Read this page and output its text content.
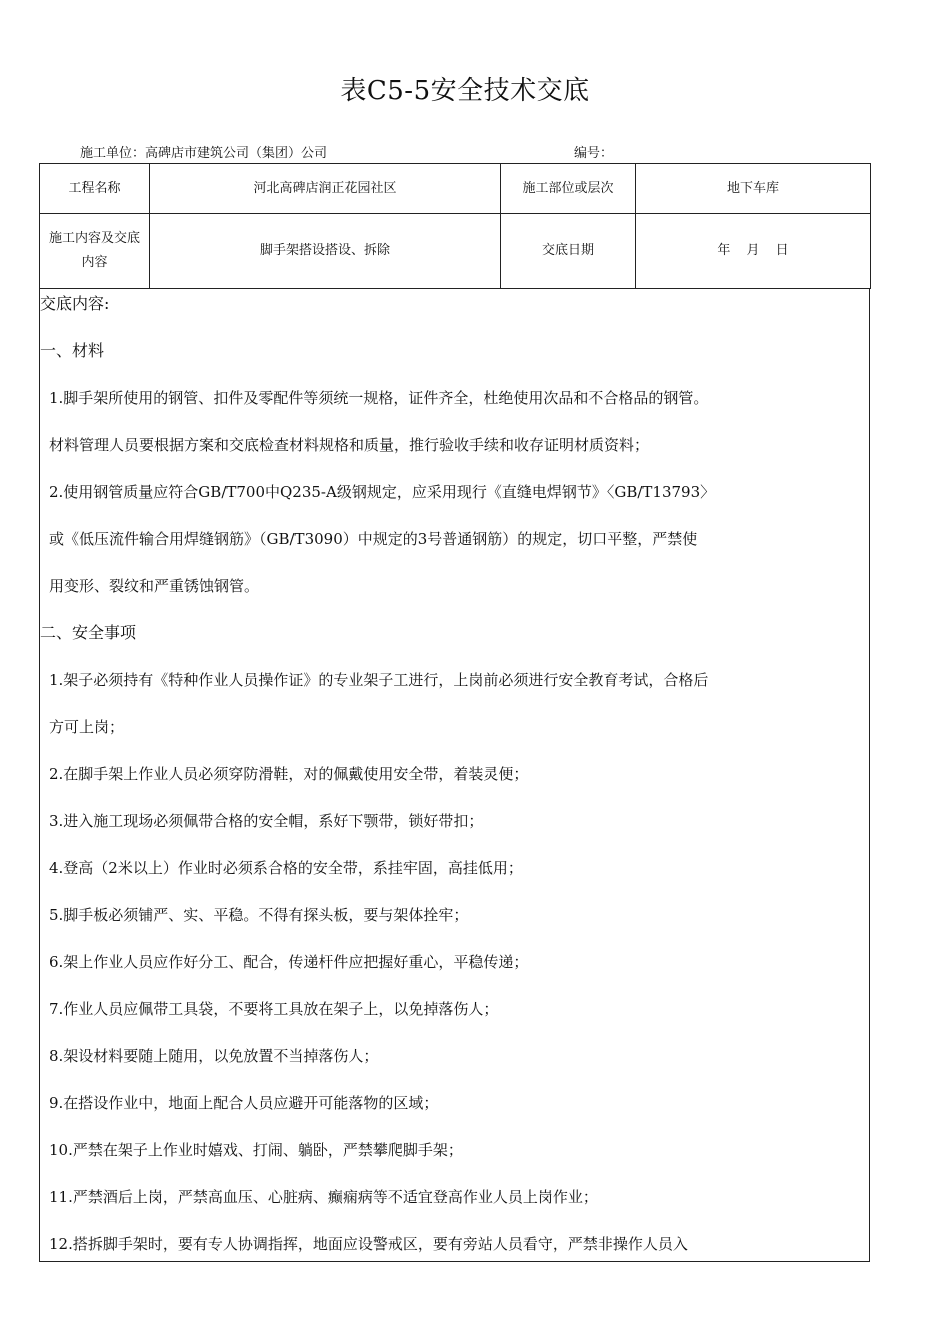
表C5-5安全技术交底
施工单位：高碑店市建筑公司（集团）公司	编号：
工程名称	河北高碑店润正花园社区	施工部位或层次	地下车库
施工内容及交底内容	脚手架搭设搭设、拆除	交底日期	年 月 日
交底内容:
一、材料
1.脚手架所使用的钢管、扣件及零配件等须统一规格，证件齐全，杜绝使用次品和不合格品的钢管。
材料管理人员要根据方案和交底检查材料规格和质量，推行验收手续和收存证明材质资料；
2.使用钢管质量应符合GB/T700中Q235-A级钢规定，应采用现行《直缝电焊钢节》〈GB/T13793〉
或《低压流件输合用焊缝钢筋》（GB/T3090）中规定的3号普通钢筋）的规定，切口平整，严禁使
用变形、裂纹和严重锈蚀钢管。
二、安全事项
1.架子必须持有《特种作业人员操作证》的专业架子工进行，上岗前必须进行安全教育考试，合格后
方可上岗；
2.在脚手架上作业人员必须穿防滑鞋，对的佩戴使用安全带，着装灵便；
3.进入施工现场必须佩带合格的安全帽，系好下颚带，锁好带扣；
4.登高（2米以上）作业时必须系合格的安全带，系挂牢固，高挂低用；
5.脚手板必须铺严、实、平稳。不得有探头板，要与架体拴牢；
6.架上作业人员应作好分工、配合，传递杆件应把握好重心，平稳传递；
7.作业人员应佩带工具袋，不要将工具放在架子上，以免掉落伤人；
8.架设材料要随上随用，以免放置不当掉落伤人；
9.在搭设作业中，地面上配合人员应避开可能落物的区域；
10.严禁在架子上作业时嬉戏、打闹、躺卧，严禁攀爬脚手架；
11.严禁酒后上岗，严禁高血压、心脏病、癫痫病等不适宜登高作业人员上岗作业；
12.搭拆脚手架时，要有专人协调指挥，地面应设警戒区，要有旁站人员看守，严禁非操作人员入
